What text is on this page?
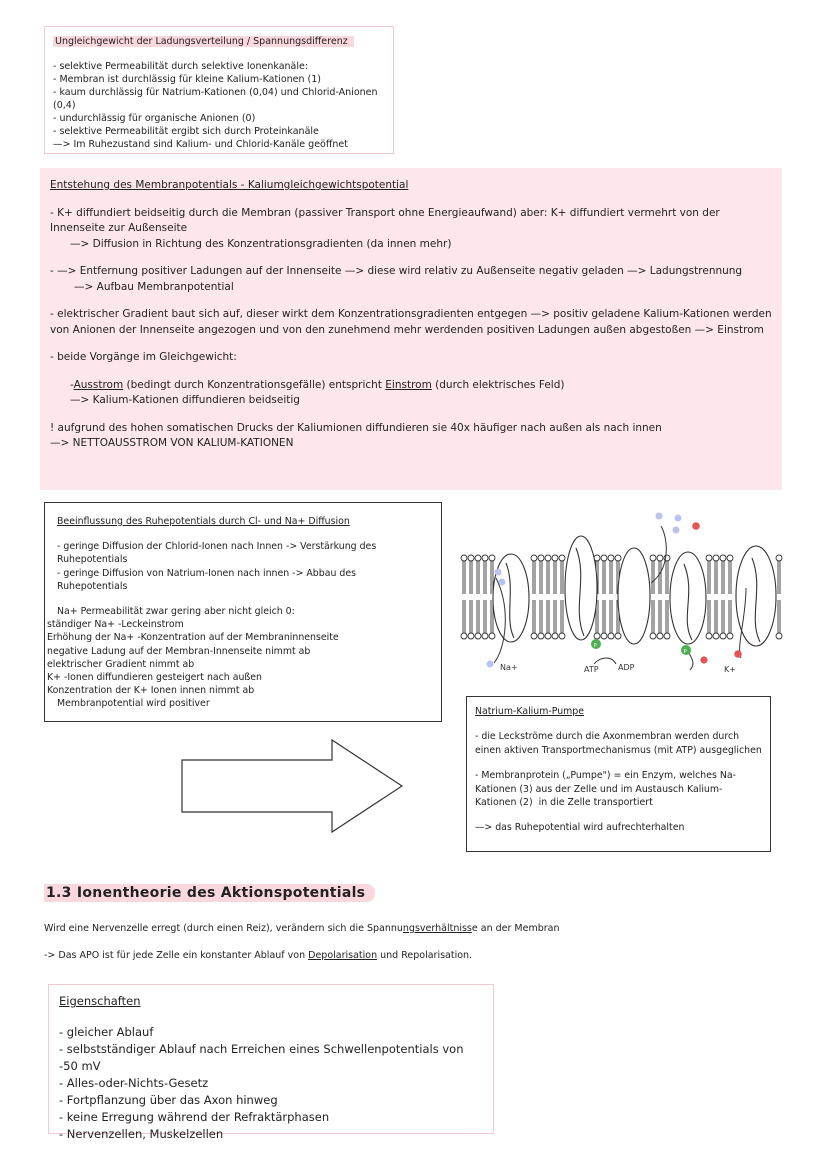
Ungleichgewicht der Ladungsverteilung / Spannungsdifferenz

- selektive Permeabilität durch selektive Ionenkanäle:

- Membran ist durchlässig für kleine Kalium-Kationen (1)

- kaum durchlässig für Natrium-Kationen (0,04) und Chlorid-Anionen (0,4)

- undurchlässig für organische Anionen (0)

- selektive Permeabilität ergibt sich durch Proteinkanäle

—> Im Ruhezustand sind Kalium- und Chlorid-Kanäle geöffnet

Entstehung des Membranpotentials - Kaliumgleichgewichtspotential

- K+ diffundiert beidseitig durch die Membran (passiver Transport ohne Energieaufwand) aber: K+ diffundiert vermehrt von der Innenseite zur Außenseite

—> Diffusion in Richtung des Konzentrationsgradienten (da innen mehr)

- —> Entfernung positiver Ladungen auf der Innenseite —> diese wird relativ zu Außenseite negativ geladen —> Ladungstrennung

—> Aufbau Membranpotential

- elektrischer Gradient baut sich auf, dieser wirkt dem Konzentrationsgradienten entgegen —> positiv geladene Kalium-Kationen werden von Anionen der Innenseite angezogen und von den zunehmend mehr werdenden positiven Ladungen außen abgestoßen —> Einstrom

- beide Vorgänge im Gleichgewicht:

-Ausstrom (bedingt durch Konzentrationsgefälle) entspricht Einstrom (durch elektrisches Feld)

—> Kalium-Kationen diffundieren beidseitig

! aufgrund des hohen somatischen Drucks der Kaliumionen diffundieren sie 40x häufiger nach außen als nach innen

—> NETTOAUSSTROM VON KALIUM-KATIONEN

Beeinflussung des Ruhepotentials durch Cl- und Na+ Diffusion

- geringe Diffusion der Chlorid-Ionen nach Innen -> Verstärkung des Ruhepotentials

- geringe Diffusion von Natrium-Ionen nach innen -> Abbau des Ruhepotentials

Na+ Permeabilität zwar gering aber nicht gleich 0:

ständiger Na+ -Leckeinstrom

Erhöhung der Na+ -Konzentration auf der Membraninnenseite

negative Ladung auf der Membran-Innenseite nimmt ab

elektrischer Gradient nimmt ab

K+ -Ionen diffundieren gesteigert nach außen

Konzentration der K+ Ionen innen nimmt ab

Membranpotential wird positiver

P
P
Na+	ATP ADP	K+

Natrium-Kalium-Pumpe

- die Leckströme durch die Axonmembran werden durch einen aktiven Transportmechanismus (mit ATP) ausgeglichen

- Membranprotein („Pumpe") = ein Enzym, welches Na-Kationen (3) aus der Zelle und im Austausch Kalium-Kationen (2)  in die Zelle transportiert

—> das Ruhepotential wird aufrechterhalten

1.3 Ionentheorie des Aktionspotentials

Wird eine Nervenzelle erregt (durch einen Reiz), verändern sich die Spannungsverhältnisse an der Membran

-> Das APO ist für jede Zelle ein konstanter Ablauf von Depolarisation und Repolarisation.

Eigenschaften

- gleicher Ablauf

- selbstständiger Ablauf nach Erreichen eines Schwellenpotentials von -50 mV

- Alles-oder-Nichts-Gesetz

- Fortpflanzung über das Axon hinweg

- keine Erregung während der Refraktärphasen

- Nervenzellen, Muskelzellen
